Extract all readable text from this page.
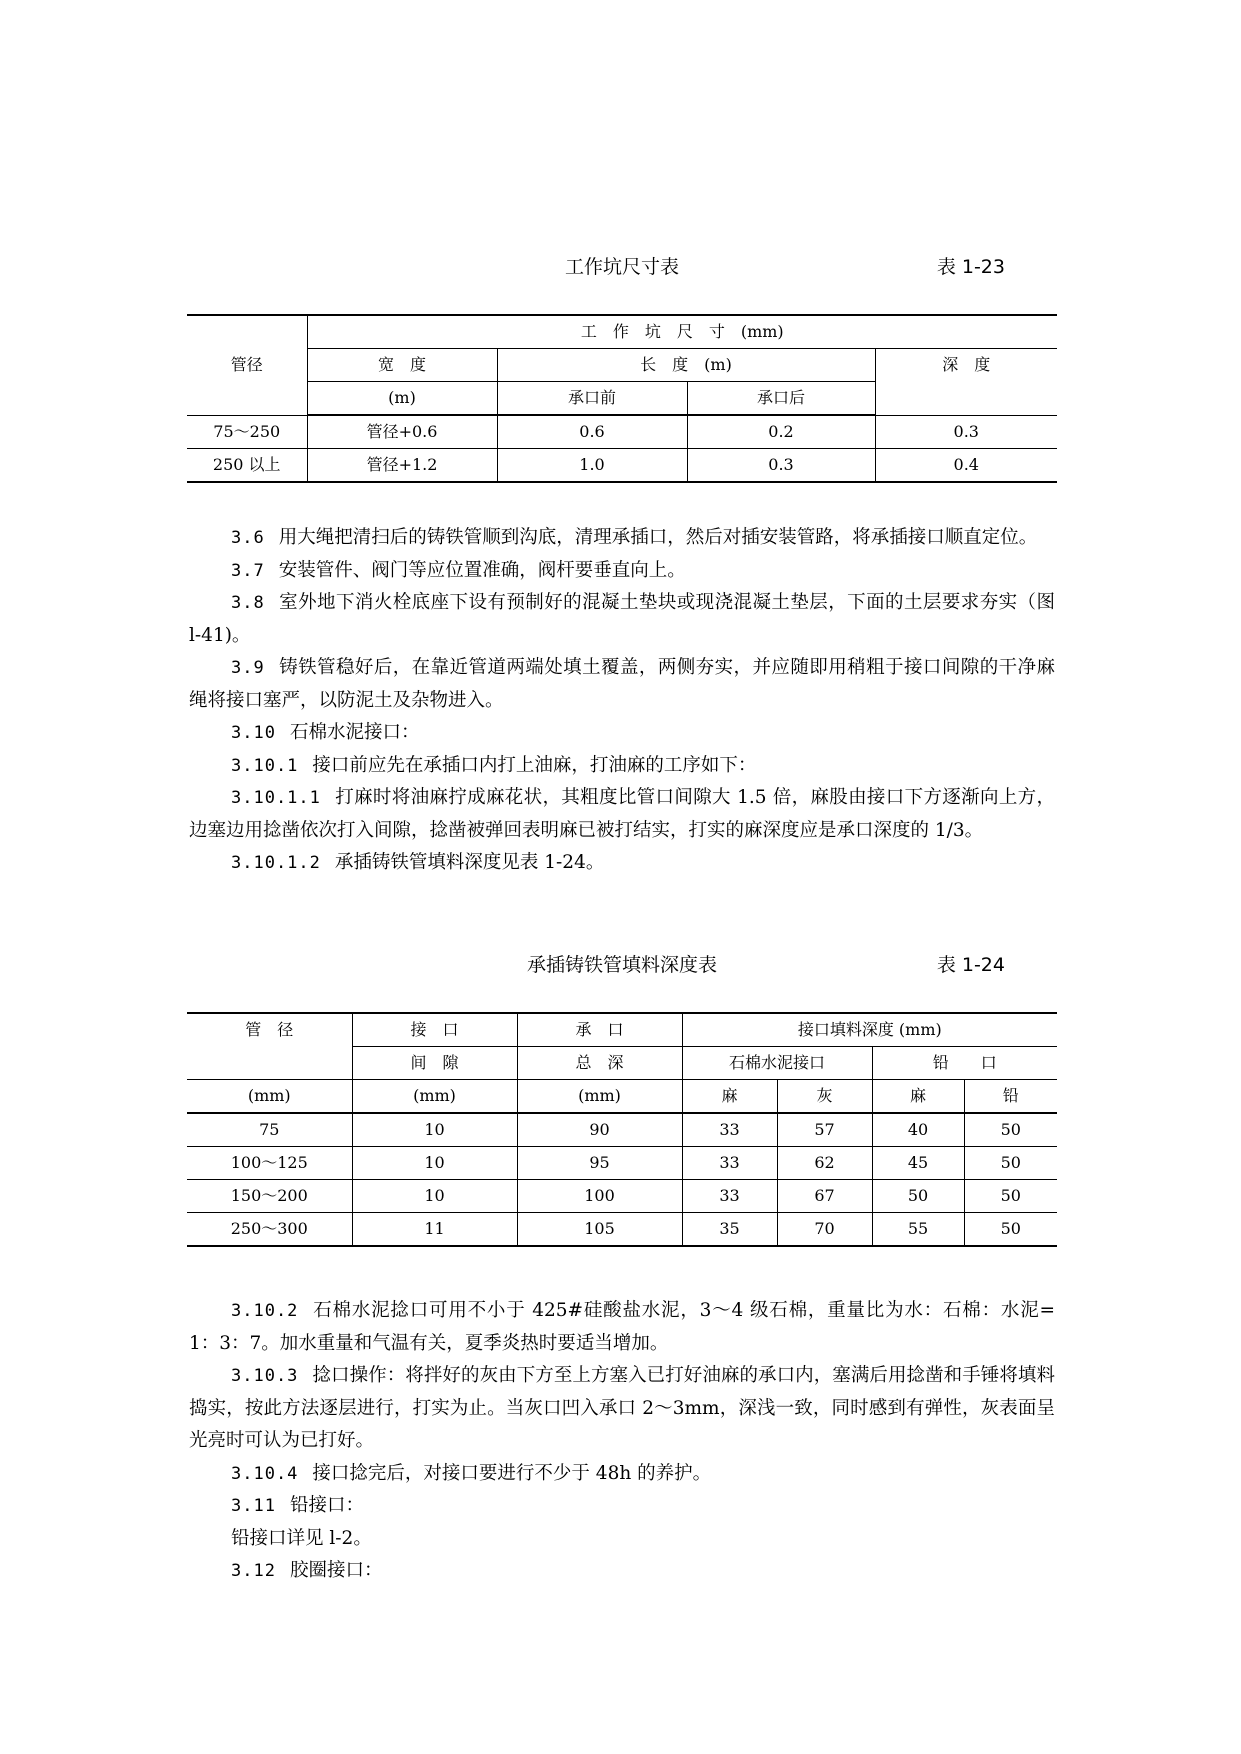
工作坑尺寸表	表 1-23
管径	工　作　坑　尺　寸　(mm)			
	宽　度	长　度　(m)		深　度
	(m)	承口前	承口后	
75～250	管径+0.6	0.6	0.2	0.3
250 以上	管径+1.2	1.0	0.3	0.4

3.6 用大绳把清扫后的铸铁管顺到沟底，清理承插口，然后对插安装管路，将承插接口顺直定位。

3.7 安装管件、阀门等应位置准确，阀杆要垂直向上。

3.8 室外地下消火栓底座下设有预制好的混凝土垫块或现浇混凝土垫层，下面的土层要求夯实（图 l-41)。

3.9 铸铁管稳好后，在靠近管道两端处填土覆盖，两侧夯实，并应随即用稍粗于接口间隙的干净麻绳将接口塞严，以防泥土及杂物进入。

3.10 石棉水泥接口：

3.10.1 接口前应先在承插口内打上油麻，打油麻的工序如下：

3.10.1.1 打麻时将油麻拧成麻花状，其粗度比管口间隙大 1.5 倍，麻股由接口下方逐渐向上方，边塞边用捻凿依次打入间隙，捻凿被弹回表明麻已被打结实，打实的麻深度应是承口深度的 1/3。

3.10.1.2 承插铸铁管填料深度见表 1-24。

承插铸铁管填料深度表	表 1-24
管　径	接　口	承　口	接口填料深度 (mm)			
	间　隙	总　深	石棉水泥接口		铅　　口	
(mm)	(mm)	(mm)	麻	灰	麻	铅
75	10	90	33	57	40	50
100～125	10	95	33	62	45	50
150～200	10	100	33	67	50	50
250～300	11	105	35	70	55	50

3.10.2 石棉水泥捻口可用不小于 425#硅酸盐水泥，3～4 级石棉，重量比为水：石棉：水泥= 1：3：7。加水重量和气温有关，夏季炎热时要适当增加。

3.10.3 捻口操作：将拌好的灰由下方至上方塞入已打好油麻的承口内，塞满后用捻凿和手锤将填料捣实，按此方法逐层进行，打实为止。当灰口凹入承口 2～3mm，深浅一致，同时感到有弹性，灰表面呈光亮时可认为已打好。

3.10.4 接口捻完后，对接口要进行不少于 48h 的养护。

3.11 铅接口：

铅接口详见 l-2。

3.12 胶圈接口：
